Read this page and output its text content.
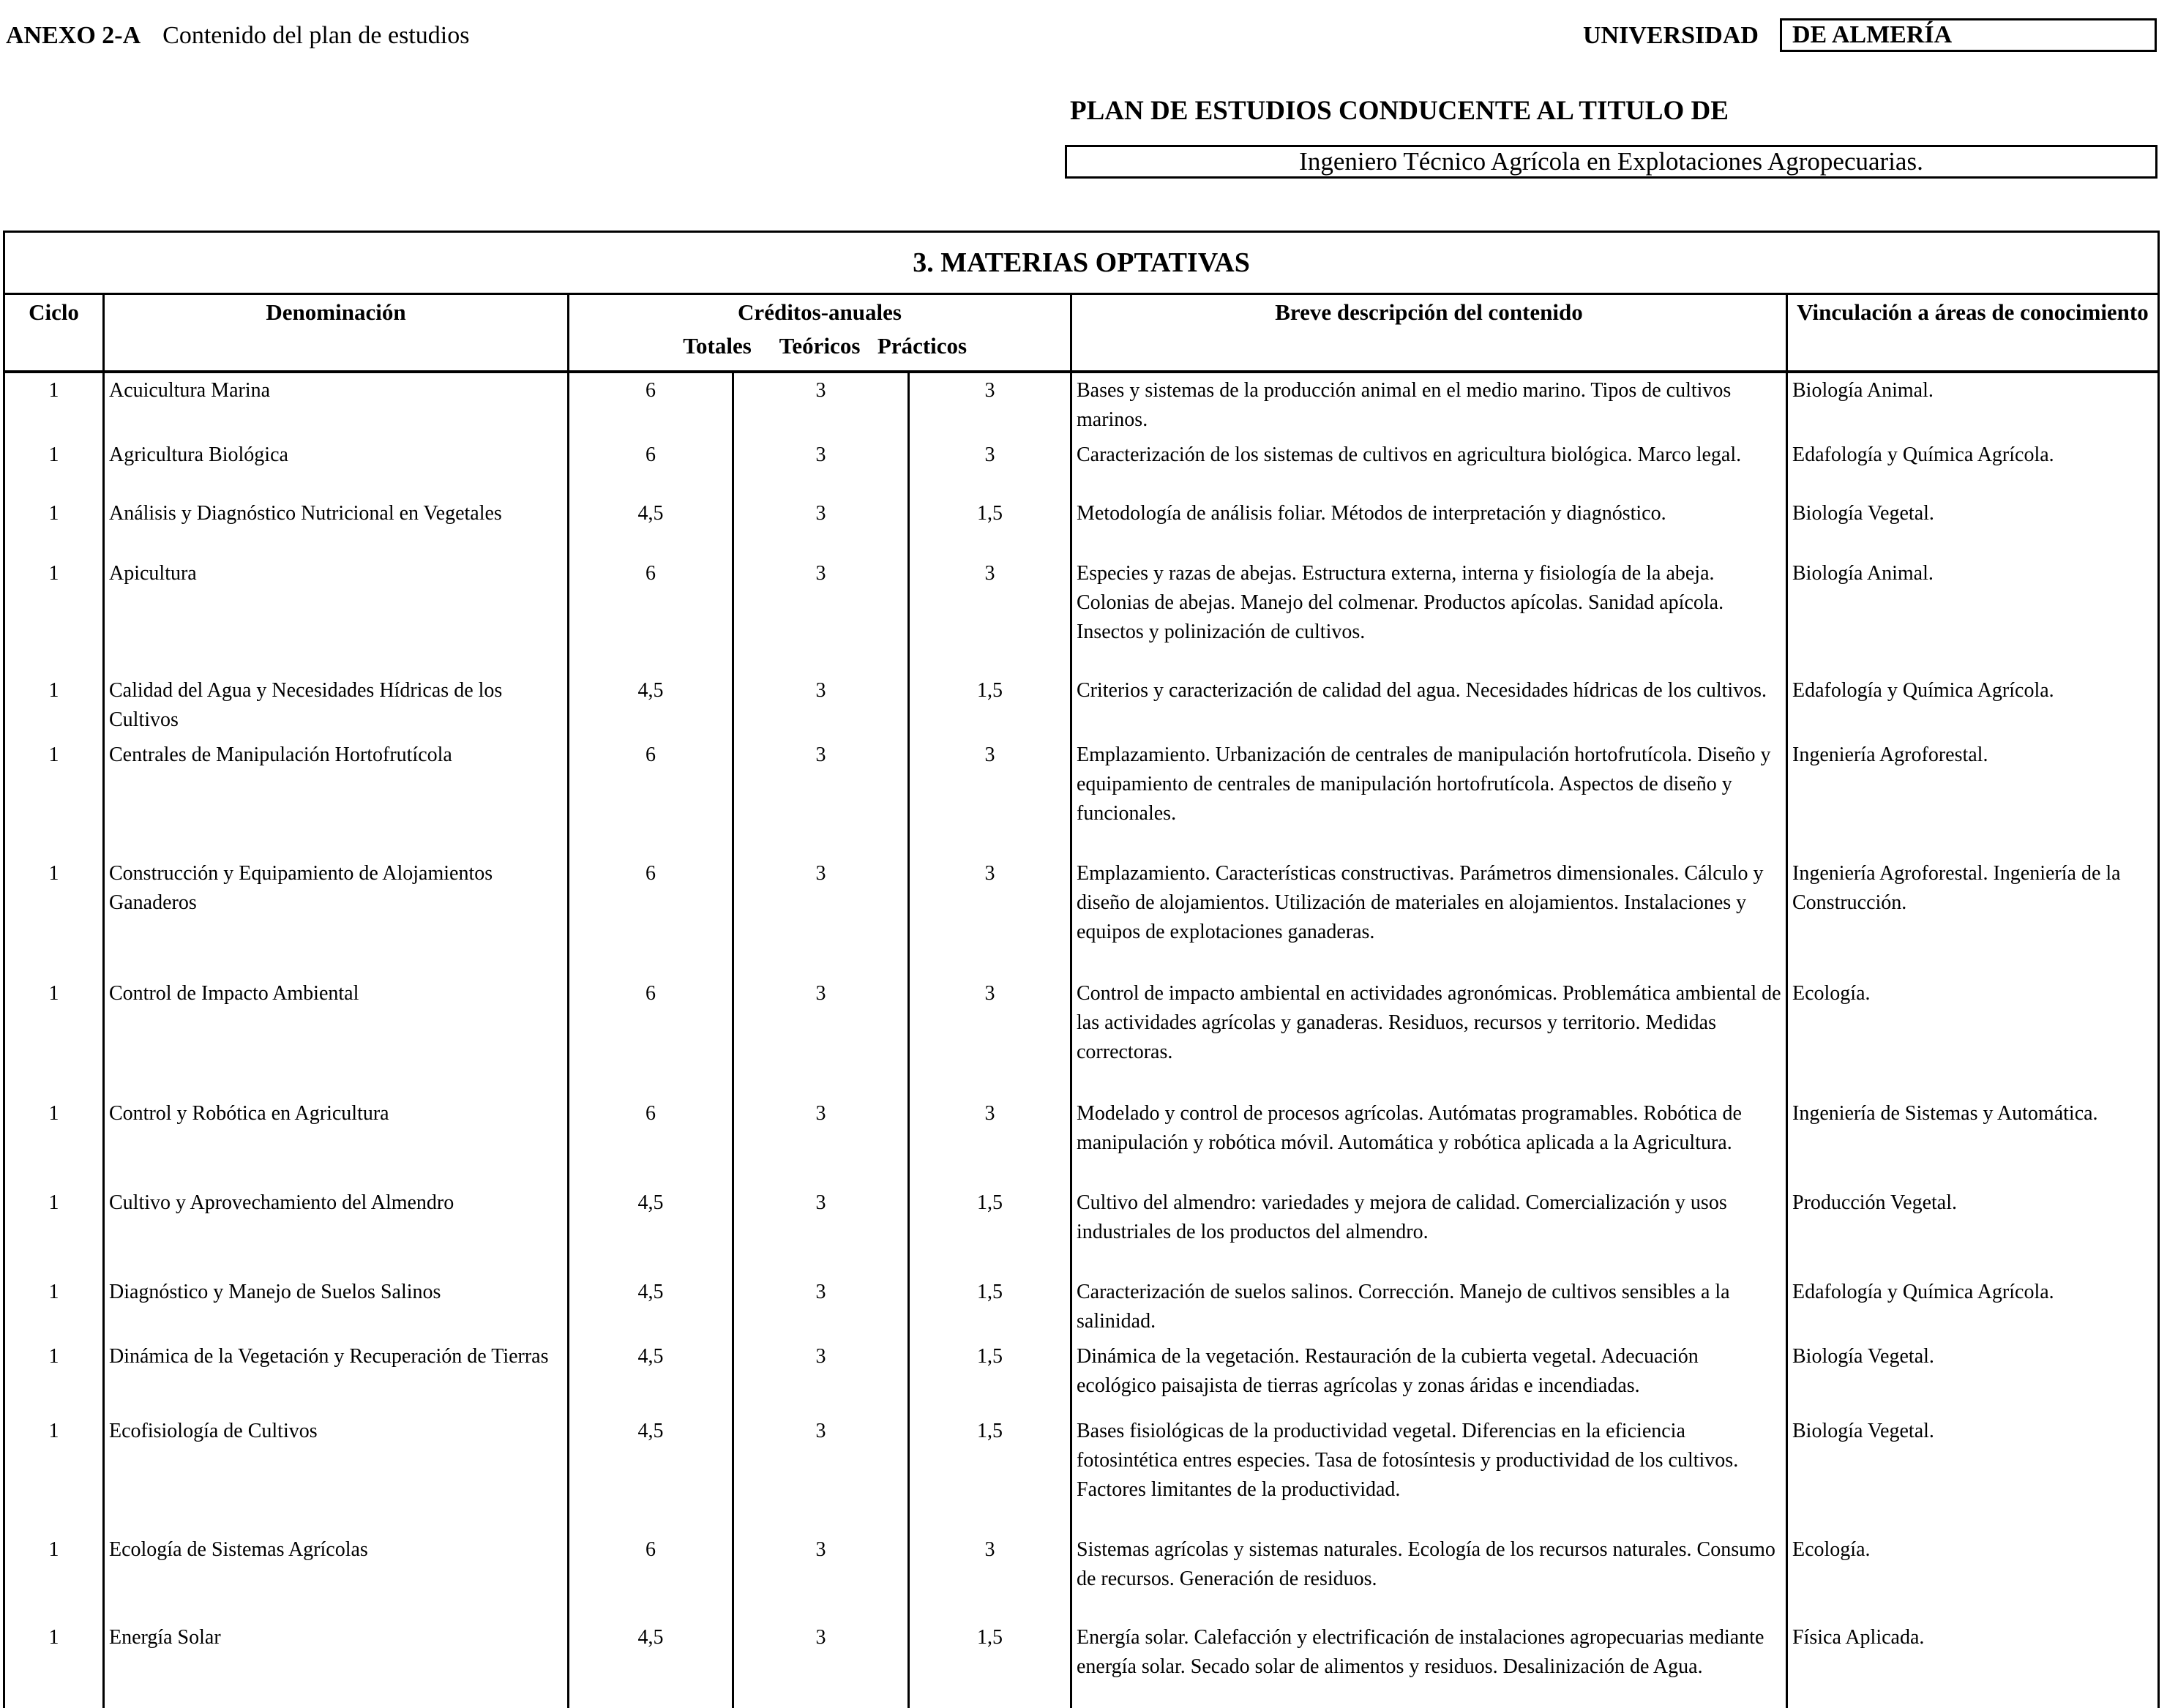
ANEXO 2-A Contenido del plan de estudios	UNIVERSIDAD	DE ALMERÍA
PLAN DE ESTUDIOS CONDUCENTE AL TITULO DE
Ingeniero Técnico Agrícola en Explotaciones Agropecuarias.
3. MATERIAS OPTATIVAS						
Ciclo	Denominación	Créditos-anuales
Totales Teóricos Prácticos			Breve descripción del contenido	Vinculación a áreas de conocimiento
1	Acuicultura Marina	6	3	3	Bases y sistemas de la producción animal en el medio marino. Tipos de cultivos marinos.	Biología Animal.
1	Agricultura Biológica	6	3	3	Caracterización de los sistemas de cultivos en agricultura biológica. Marco legal.	Edafología y Química Agrícola.
1	Análisis y Diagnóstico Nutricional en Vegetales	4,5	3	1,5	Metodología de análisis foliar. Métodos de interpretación y diagnóstico.	Biología Vegetal.
1	Apicultura	6	3	3	Especies y razas de abejas. Estructura externa, interna y fisiología de la abeja. Colonias de abejas. Manejo del colmenar. Productos apícolas. Sanidad apícola. Insectos y polinización de cultivos.	Biología Animal.
1	Calidad del Agua y Necesidades Hídricas de los Cultivos	4,5	3	1,5	Criterios y caracterización de calidad del agua. Necesidades hídricas de los cultivos.	Edafología y Química Agrícola.
1	Centrales de Manipulación Hortofrutícola	6	3	3	Emplazamiento. Urbanización de centrales de manipulación hortofrutícola. Diseño y equipamiento de centrales de manipulación hortofrutícola. Aspectos de diseño y funcionales.	Ingeniería Agroforestal.
1	Construcción y Equipamiento de Alojamientos Ganaderos	6	3	3	Emplazamiento. Características constructivas. Parámetros dimensionales. Cálculo y diseño de alojamientos. Utilización de materiales en alojamientos. Instalaciones y equipos de explotaciones ganaderas.	Ingeniería Agroforestal. Ingeniería de la Construcción.
1	Control de Impacto Ambiental	6	3	3	Control de impacto ambiental en actividades agronómicas. Problemática ambiental de las actividades agrícolas y ganaderas. Residuos, recursos y territorio. Medidas correctoras.	Ecología.
1	Control y Robótica en Agricultura	6	3	3	Modelado y control de procesos agrícolas. Autómatas programables. Robótica de manipulación y robótica móvil. Automática y robótica aplicada a la Agricultura.	Ingeniería de Sistemas y Automática.
1	Cultivo y Aprovechamiento del Almendro	4,5	3	1,5	Cultivo del almendro: variedades y mejora de calidad. Comercialización y usos industriales de los productos del almendro.	Producción Vegetal.
1	Diagnóstico y Manejo de Suelos Salinos	4,5	3	1,5	Caracterización de suelos salinos. Corrección. Manejo de cultivos sensibles a la salinidad.	Edafología y Química Agrícola.
1	Dinámica de la Vegetación y Recuperación de Tierras	4,5	3	1,5	Dinámica de la vegetación. Restauración de la cubierta vegetal. Adecuación ecológico paisajista de tierras agrícolas y zonas áridas e incendiadas.	Biología Vegetal.
1	Ecofisiología de Cultivos	4,5	3	1,5	Bases fisiológicas de la productividad vegetal. Diferencias en la eficiencia fotosintética entres especies. Tasa de fotosíntesis y productividad de los cultivos. Factores limitantes de la productividad.	Biología Vegetal.
1	Ecología de Sistemas Agrícolas	6	3	3	Sistemas agrícolas y sistemas naturales. Ecología de los recursos naturales. Consumo de recursos. Generación de residuos.	Ecología.
1	Energía Solar	4,5	3	1,5	Energía solar. Calefacción y electrificación de instalaciones agropecuarias mediante energía solar. Secado solar de alimentos y residuos. Desalinización de Agua.	Física Aplicada.
